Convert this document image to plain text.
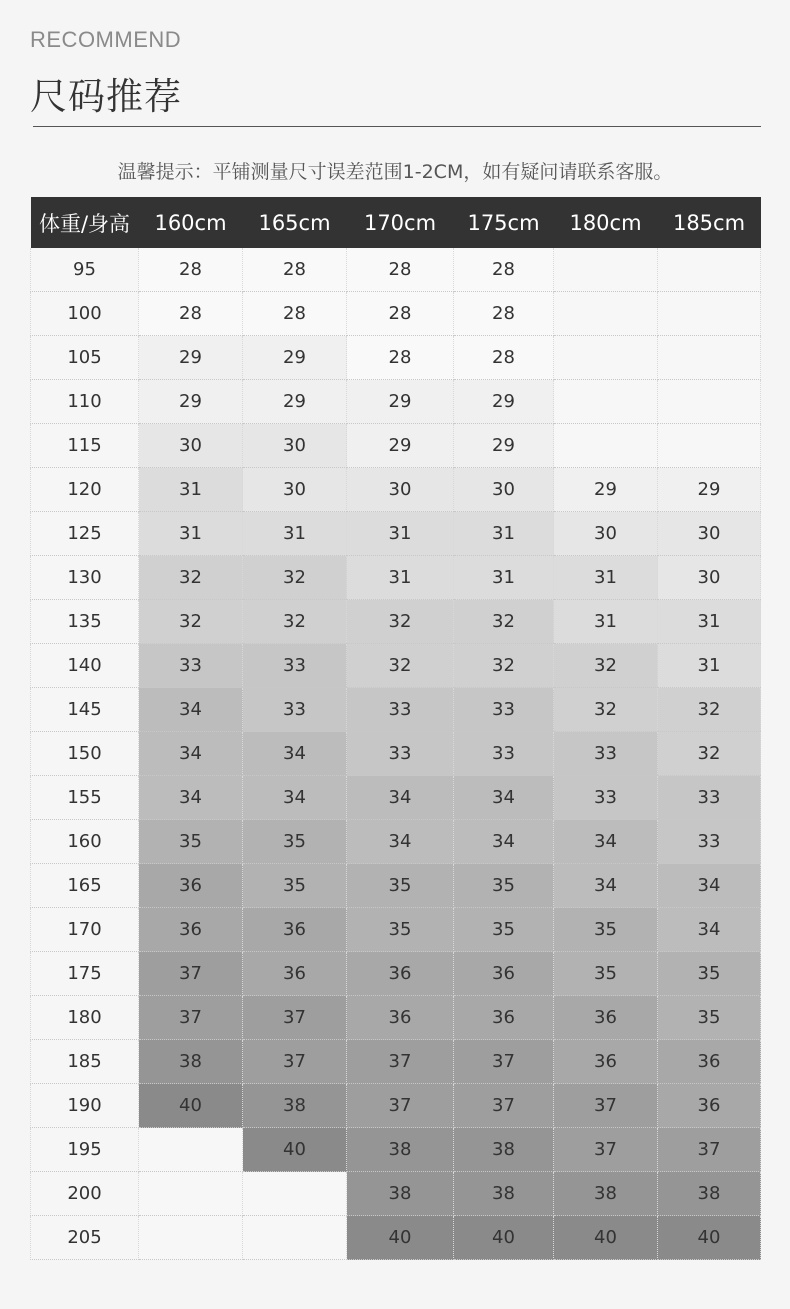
RECOMMEND
尺码推荐
温馨提示：平铺测量尺寸误差范围1-2CM，如有疑问请联系客服。
体重/身高	160cm	165cm	170cm	175cm	180cm	185cm
95	28	28	28	28		
100	28	28	28	28		
105	29	29	28	28		
110	29	29	29	29		
115	30	30	29	29		
120	31	30	30	30	29	29
125	31	31	31	31	30	30
130	32	32	31	31	31	30
135	32	32	32	32	31	31
140	33	33	32	32	32	31
145	34	33	33	33	32	32
150	34	34	33	33	33	32
155	34	34	34	34	33	33
160	35	35	34	34	34	33
165	36	35	35	35	34	34
170	36	36	35	35	35	34
175	37	36	36	36	35	35
180	37	37	36	36	36	35
185	38	37	37	37	36	36
190	40	38	37	37	37	36
195		40	38	38	37	37
200			38	38	38	38
205			40	40	40	40
